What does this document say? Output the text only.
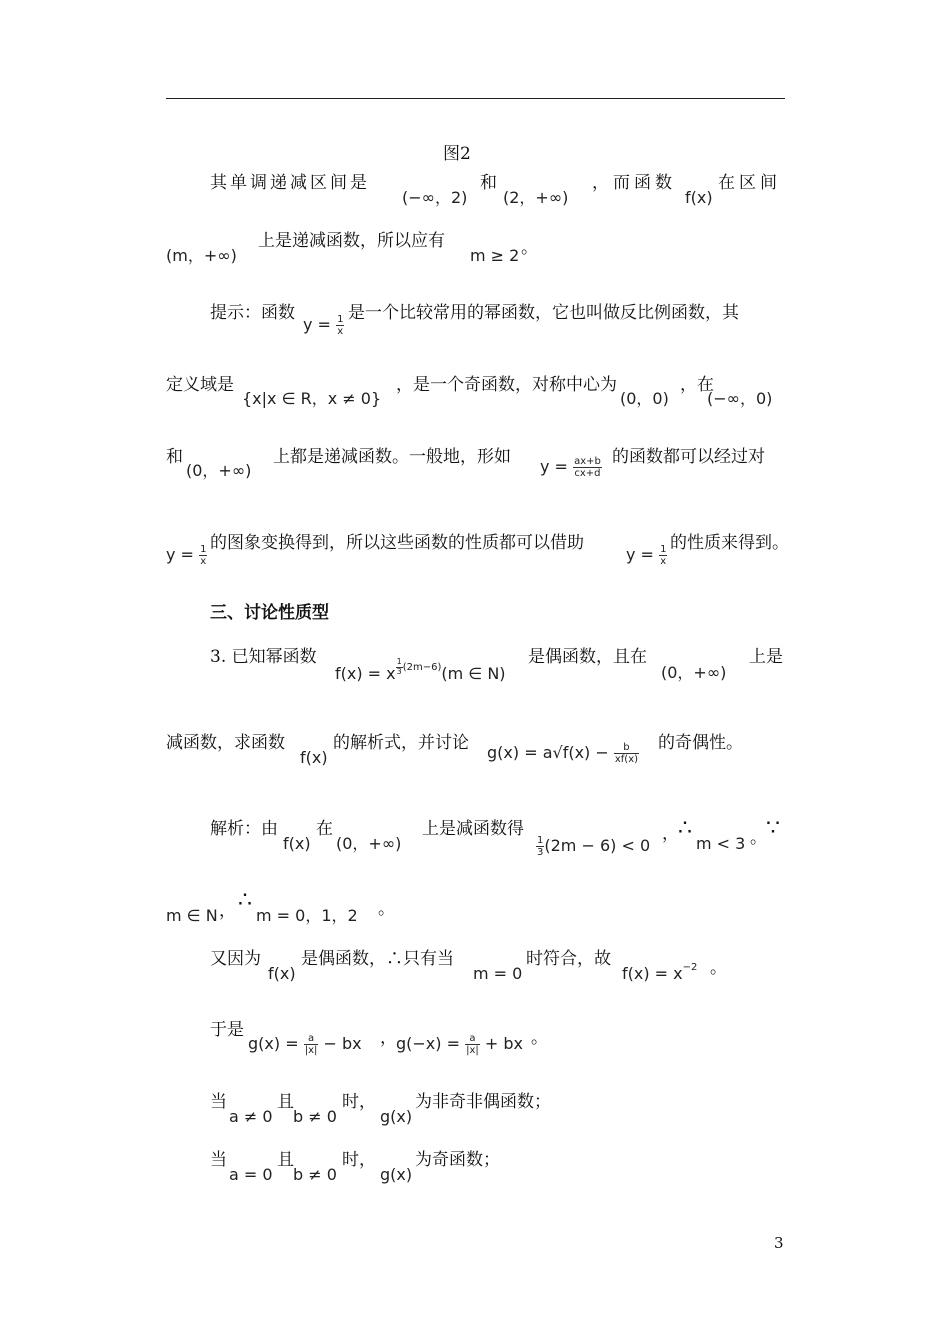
图2
其单调递减区间是
(−∞，2)
和
(2，+∞)
，而函数
f(x)
在区间
(m，+∞)
上是递减函数，所以应有
m ≥ 2 。
提示：函数
$y = \frac{1}{x}$
是一个比较常用的幂函数，它也叫做反比例函数，其
定义域是
{x|x ∈ R，x ≠ 0}
，是一个奇函数，对称中心为
(0，0)
，在
(−∞，0)
和
(0，+∞)
上都是递减函数。一般地，形如 $y = \frac{ax+b}{cx+d}$ 的函数都可以经过对
$y = \frac{1}{x}$
的图象变换得到，所以这些函数的性质都可以借助
$y = \frac{1}{x}$
的性质来得到。
三、讨论性质型
3. 已知幂函数
f(x) = x $^{\frac{1}{3} (2m-6)}$(m ∈ N)
是偶函数，且在
(0，+∞)
上是
减函数，求函数
f(x)
的解析式，并讨论 $g(x) = a√f(x) - \frac{b}{xf(x)}$ 的奇偶性。
解析：由
f(x)
在
(0，+∞)
上是减函数得
$\frac{1}{3} (2m - 6) < 0$
， ∴
m < 3 。 ∵
m ∈ N ， ∴
m = 0，1，2 。
又因为
f(x)
是偶函数，∴只有当
m = 0
时符合，故
$f(x) = x^{-2}$ 。
于是
$g(x) = \frac{a}{|x|}$ − bx ， $g(-x) = \frac{a}{|x|}$ + bx 。
当
a ≠ 0
且
b ≠ 0
时，
g(x)
为非奇非偶函数；
当
a = 0
且
b ≠ 0
时，
g(x)
为奇函数；
3
